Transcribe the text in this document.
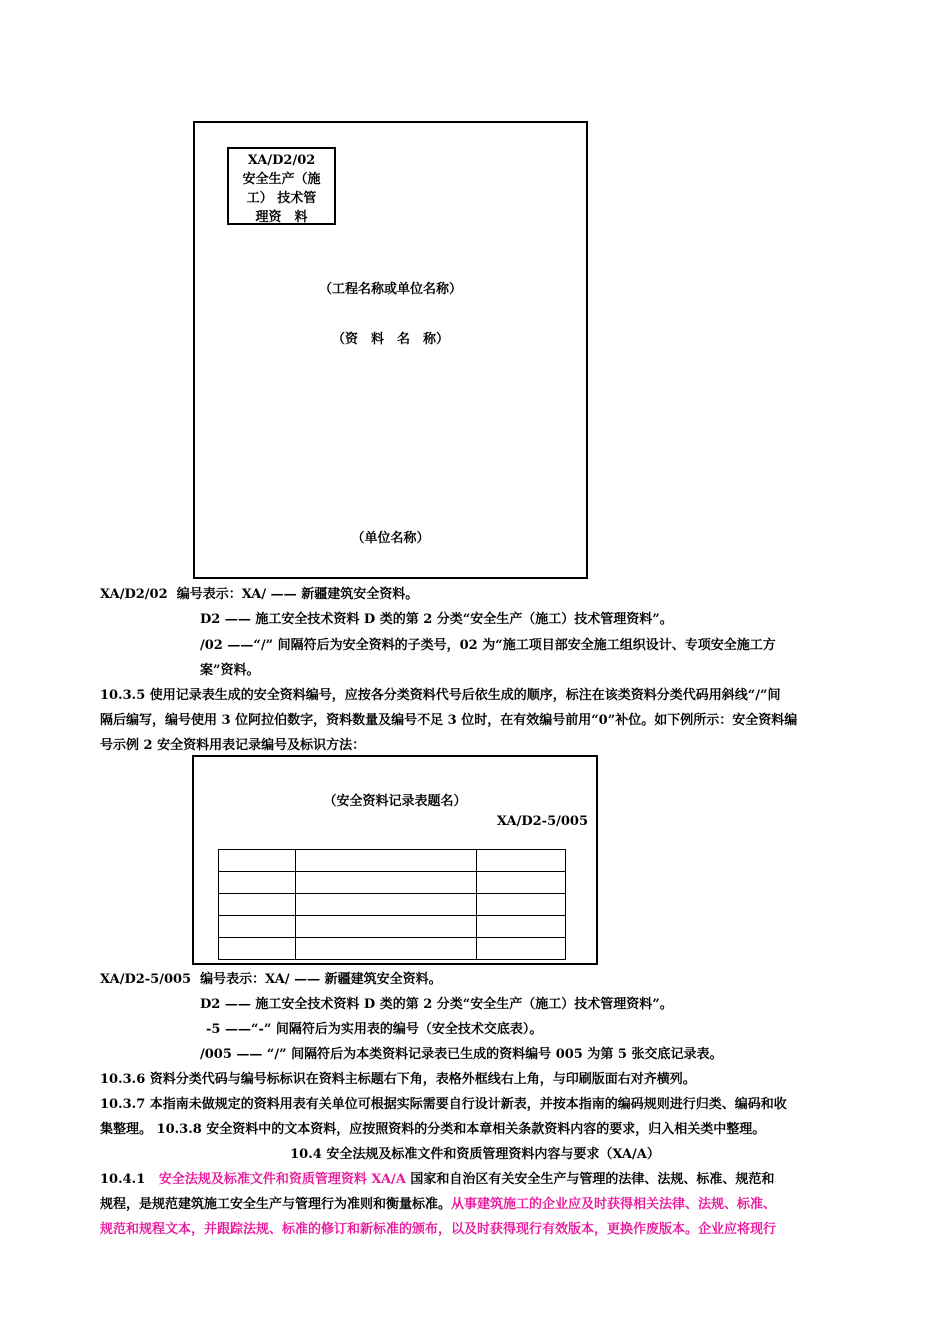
XA/D2/02
安全生产（施
工） 技术管
理资　料
（工程名称或单位名称）
（资　料　名　称）
（单位名称）
XA/D2/02 编号表示：XA/ —— 新疆建筑安全资料。
D2 —— 施工安全技术资料 D 类的第 2 分类“安全生产（施工）技术管理资料”。
/02 ——“/” 间隔符后为安全资料的子类号，02 为“施工项目部安全施工组织设计、专项安全施工方
案”资料。
10.3.5 使用记录表生成的安全资料编号，应按各分类资料代号后依生成的顺序，标注在该类资料分类代码用斜线“/”间
隔后编写，编号使用 3 位阿拉伯数字，资料数量及编号不足 3 位时，在有效编号前用“0”补位。如下例所示：安全资料编
号示例 2 安全资料用表记录编号及标识方法：
（安全资料记录表题名）
XA/D2-5/005

XA/D2-5/005 编号表示：XA/ —— 新疆建筑安全资料。
D2 —— 施工安全技术资料 D 类的第 2 分类“安全生产（施工）技术管理资料”。
-5 ——“-” 间隔符后为实用表的编号（安全技术交底表）。
/005 —— “/” 间隔符后为本类资料记录表已生成的资料编号 005 为第 5 张交底记录表。
10.3.6 资料分类代码与编号标标识在资料主标题右下角，表格外框线右上角，与印刷版面右对齐横列。
10.3.7 本指南未做规定的资料用表有关单位可根据实际需要自行设计新表，并按本指南的编码规则进行归类、编码和收
集整理。 10.3.8 安全资料中的文本资料，应按照资料的分类和本章相关条款资料内容的要求，归入相关类中整理。
10.4 安全法规及标准文件和资质管理资料内容与要求（XA/A）
10.4.1 安全法规及标准文件和资质管理资料 XA/A 国家和自治区有关安全生产与管理的法律、法规、标准、规范和
规程，是规范建筑施工安全生产与管理行为准则和衡量标准。从事建筑施工的企业应及时获得相关法律、法规、标准、
规范和规程文本，并跟踪法规、标准的修订和新标准的颁布，以及时获得现行有效版本，更换作废版本。企业应将现行
